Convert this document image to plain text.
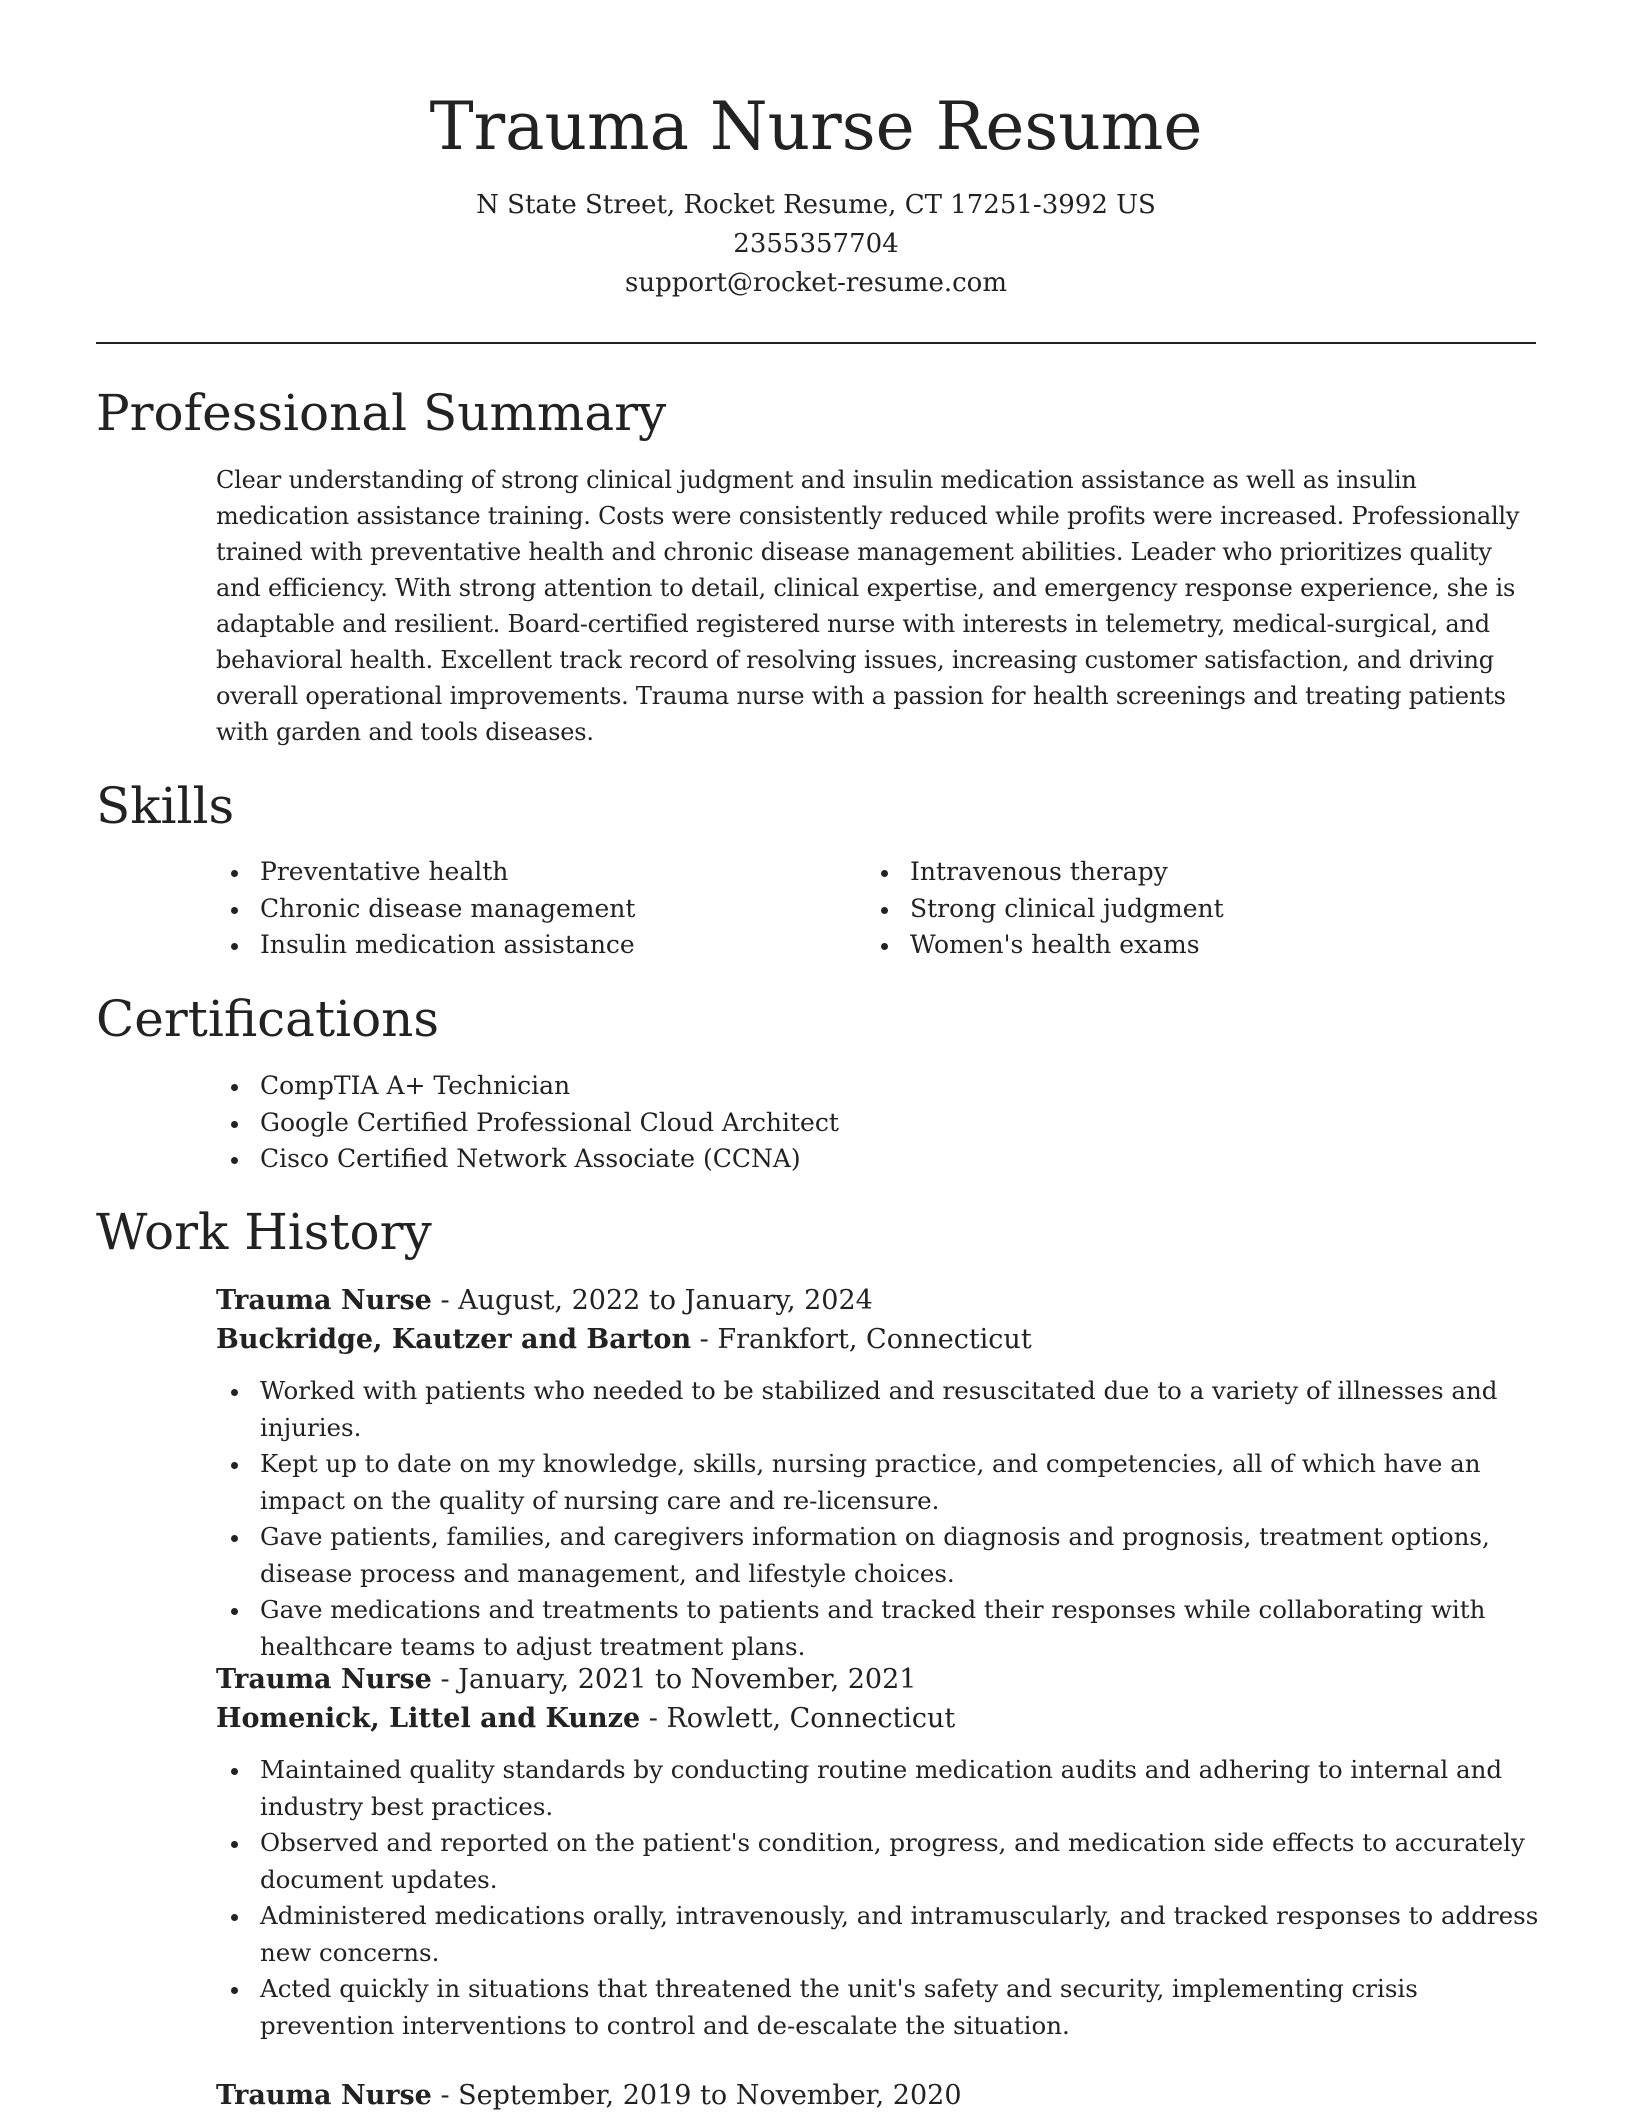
Trauma Nurse Resume
N State Street, Rocket Resume, CT 17251-3992 US
2355357704
support@rocket-resume.com
Professional Summary

Clear understanding of strong clinical judgment and insulin medication assistance as well as insulin medication assistance training. Costs were consistently reduced while profits were increased. Professionally trained with preventative health and chronic disease management abilities. Leader who prioritizes quality and efficiency. With strong attention to detail, clinical expertise, and emergency response experience, she is adaptable and resilient. Board-certified registered nurse with interests in telemetry, medical-surgical, and behavioral health. Excellent track record of resolving issues, increasing customer satisfaction, and driving overall operational improvements. Trauma nurse with a passion for health screenings and treating patients with garden and tools diseases.

Skills
Preventative health
Chronic disease management
Insulin medication assistance
Intravenous therapy
Strong clinical judgment
Women's health exams
Certifications
CompTIA A+ Technician
Google Certified Professional Cloud Architect
Cisco Certified Network Associate (CCNA)
Work History

Trauma Nurse - August, 2022 to January, 2024

Buckridge, Kautzer and Barton - Frankfort, Connecticut

Worked with patients who needed to be stabilized and resuscitated due to a variety of illnesses and injuries.
Kept up to date on my knowledge, skills, nursing practice, and competencies, all of which have an impact on the quality of nursing care and re-licensure.
Gave patients, families, and caregivers information on diagnosis and prognosis, treatment options, disease process and management, and lifestyle choices.
Gave medications and treatments to patients and tracked their responses while collaborating with healthcare teams to adjust treatment plans.

Trauma Nurse - January, 2021 to November, 2021

Homenick, Littel and Kunze - Rowlett, Connecticut

Maintained quality standards by conducting routine medication audits and adhering to internal and industry best practices.
Observed and reported on the patient's condition, progress, and medication side effects to accurately document updates.
Administered medications orally, intravenously, and intramuscularly, and tracked responses to address new concerns.
Acted quickly in situations that threatened the unit's safety and security, implementing crisis prevention interventions to control and de-escalate the situation.

Trauma Nurse - September, 2019 to November, 2020
